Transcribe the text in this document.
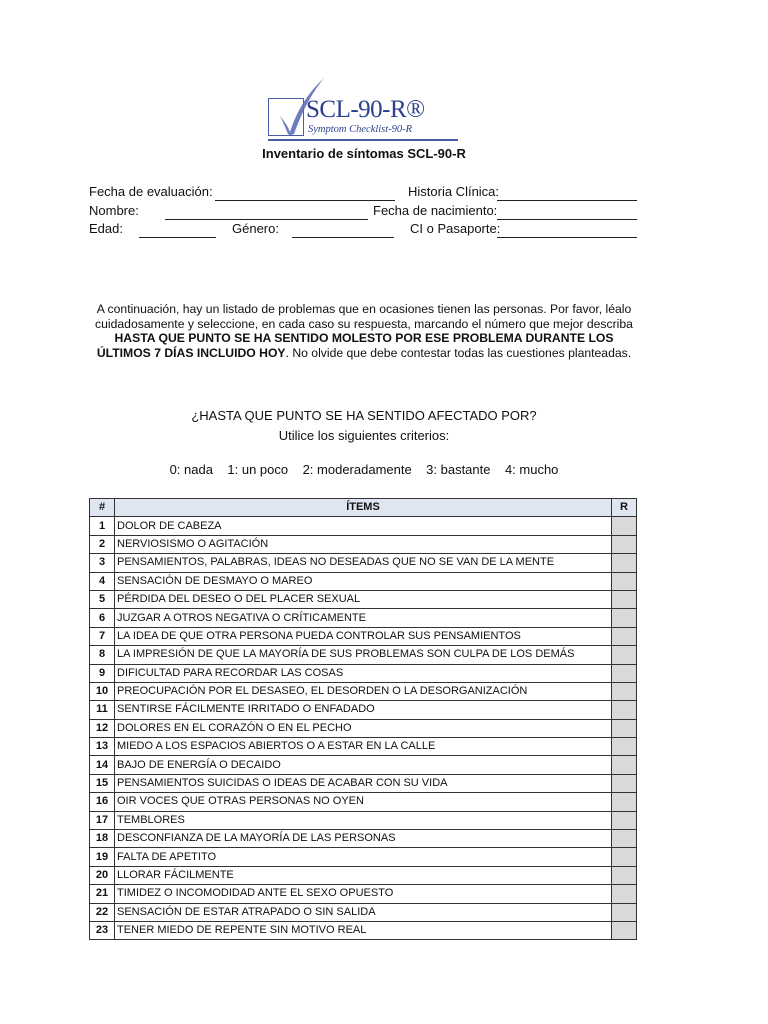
SCL-90-R®
Symptom Checklist-90-R
Inventario de síntomas SCL-90-R
Fecha de evaluación:	Historia Clínica:
Nombre:	Fecha de nacimiento:
Edad:	Género:	CI o Pasaporte:
A continuación, hay un listado de problemas que en ocasiones tienen las personas. Por favor, léalo cuidadosamente y seleccione, en cada caso su respuesta, marcando el número que mejor describa HASTA QUE PUNTO SE HA SENTIDO MOLESTO POR ESE PROBLEMA DURANTE LOS ÚLTIMOS 7 DÍAS INCLUIDO HOY. No olvide que debe contestar todas las cuestiones planteadas.
¿HASTA QUE PUNTO SE HA SENTIDO AFECTADO POR?
Utilice los siguientes criterios:
0: nada 1: un poco 2: moderadamente 3: bastante 4: mucho
#	ÍTEMS	R
1	DOLOR DE CABEZA	
2	NERVIOSISMO O AGITACIÓN	
3	PENSAMIENTOS, PALABRAS, IDEAS NO DESEADAS QUE NO SE VAN DE LA MENTE	
4	SENSACIÓN DE DESMAYO O MAREO	
5	PÉRDIDA DEL DESEO O DEL PLACER SEXUAL	
6	JUZGAR A OTROS NEGATIVA O CRÍTICAMENTE	
7	LA IDEA DE QUE OTRA PERSONA PUEDA CONTROLAR SUS PENSAMIENTOS	
8	LA IMPRESIÓN DE QUE LA MAYORÍA DE SUS PROBLEMAS SON CULPA DE LOS DEMÁS	
9	DIFICULTAD PARA RECORDAR LAS COSAS	
10	PREOCUPACIÓN POR EL DESASEO, EL DESORDEN O LA DESORGANIZACIÓN	
11	SENTIRSE FÁCILMENTE IRRITADO O ENFADADO	
12	DOLORES EN EL CORAZÓN O EN EL PECHO	
13	MIEDO A LOS ESPACIOS ABIERTOS O A ESTAR EN LA CALLE	
14	BAJO DE ENERGÍA O DECAIDO	
15	PENSAMIENTOS SUICIDAS O IDEAS DE ACABAR CON SU VIDA	
16	OIR VOCES QUE OTRAS PERSONAS NO OYEN	
17	TEMBLORES	
18	DESCONFIANZA DE LA MAYORÍA DE LAS PERSONAS	
19	FALTA DE APETITO	
20	LLORAR FÁCILMENTE	
21	TIMIDEZ O INCOMODIDAD ANTE EL SEXO OPUESTO	
22	SENSACIÓN DE ESTAR ATRAPADO O SIN SALIDA	
23	TENER MIEDO DE REPENTE SIN MOTIVO REAL	
